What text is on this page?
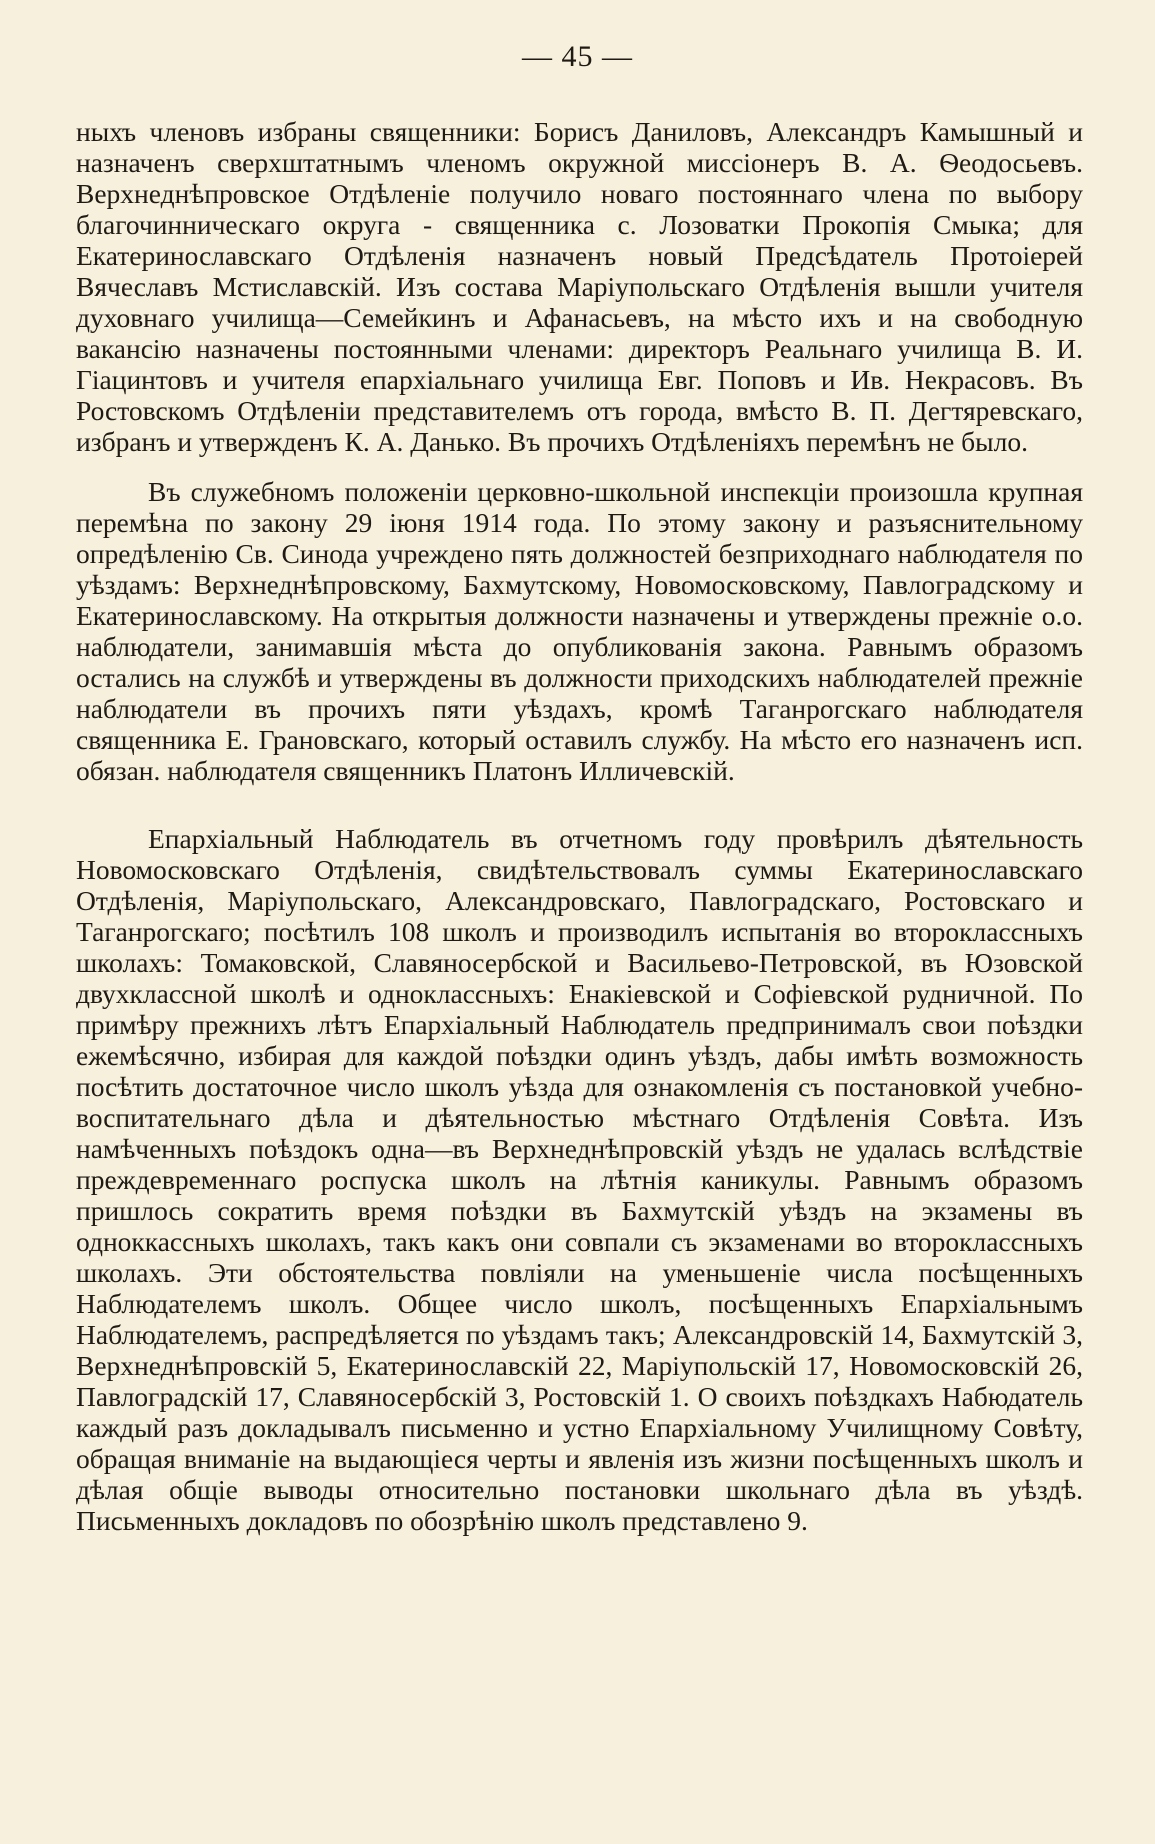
— 45 —

ныхъ членовъ избраны священники: Борисъ Даниловъ, Александръ Камышный и назначенъ сверхштатнымъ членомъ окружной миссіонеръ В. А. Ѳеодосьевъ. Верхнеднѣпровское Отдѣленіе получило новаго постояннаго члена по выбору благочинническаго округа - священника с. Лозоватки Прокопія Смыка; для Екатеринославскаго Отдѣленія назначенъ новый Предсѣдатель Протоіерей Вячеславъ Мстиславскій. Изъ состава Маріупольскаго Отдѣленія вышли учителя духовнаго училища—Семейкинъ и Афанасьевъ, на мѣсто ихъ и на свободную вакансію назначены постоянными членами: директоръ Реальнаго училища В. И. Гіацинтовъ и учителя епархіальнаго училища Евг. Поповъ и Ив. Некрасовъ. Въ Ростовскомъ Отдѣленіи представителемъ отъ города, вмѣсто В. П. Дегтяревскаго, избранъ и утвержденъ К. А. Данько. Въ прочихъ Отдѣленіяхъ перемѣнъ не было.

Въ служебномъ положеніи церковно-школьной инспекціи произошла крупная перемѣна по закону 29 іюня 1914 года. По этому закону и разъяснительному опредѣленію Св. Синода учреждено пять должностей безприходнаго наблюдателя по уѣздамъ: Верхнеднѣпровскому, Бахмутскому, Новомосковскому, Павлоградскому и Екатеринославскому. На открытыя должности назначены и утверждены прежніе о.о. наблюдатели, занимавшія мѣста до опубликованія закона. Равнымъ образомъ остались на службѣ и утверждены въ должности приходскихъ наблюдателей прежніе наблюдатели въ прочихъ пяти уѣздахъ, кромѣ Таганрогскаго наблюдателя священника Е. Грановскаго, который оставилъ службу. На мѣсто его назначенъ исп. обязан. наблюдателя священникъ Платонъ Илличевскій.

Епархіальный Наблюдатель въ отчетномъ году провѣрилъ дѣятельность Новомосковскаго Отдѣленія, свидѣтельствовалъ суммы Екатеринославскаго Отдѣленія, Маріупольскаго, Александровскаго, Павлоградскаго, Ростовскаго и Таганрогскаго; посѣтилъ 108 школъ и производилъ испытанія во второклассныхъ школахъ: Томаковской, Славяносербской и Васильево-Петровской, въ Юзовской двухклассной школѣ и одноклассныхъ: Енакіевской и Софіевской рудничной. По примѣру прежнихъ лѣтъ Епархіальный Наблюдатель предпринималъ свои поѣздки ежемѣсячно, избирая для каждой поѣздки одинъ уѣздъ, дабы имѣть возможность посѣтить достаточное число школъ уѣзда для ознакомленія съ постановкой учебно-воспитательнаго дѣла и дѣятельностью мѣстнаго Отдѣленія Совѣта. Изъ намѣченныхъ поѣздокъ одна—въ Верхнеднѣпровскій уѣздъ не удалась вслѣдствіе преждевременнаго роспуска школъ на лѣтнія каникулы. Равнымъ образомъ пришлось сократить время поѣздки въ Бахмутскій уѣздъ на экзамены въ одноккассныхъ школахъ, такъ какъ они совпали съ экзаменами во второклассныхъ школахъ. Эти обстоятельства повліяли на уменьшеніе числа посѣщенныхъ Наблюдателемъ школъ. Общее число школъ, посѣщенныхъ Епархіальнымъ Наблюдателемъ, распредѣляется по уѣздамъ такъ; Александровскій 14, Бахмутскій 3, Верхнеднѣпровскій 5, Екатеринославскій 22, Маріупольскій 17, Новомосковскій 26, Павлоградскій 17, Славяносербскій 3, Ростовскій 1. О своихъ поѣздкахъ Набюдатель каждый разъ докладывалъ письменно и устно Епархіальному Училищному Совѣту, обращая вниманіе на выдающіеся черты и явленія изъ жизни посѣщенныхъ школъ и дѣлая общіе выводы относительно постановки школьнаго дѣла въ уѣздѣ. Письменныхъ докладовъ по обозрѣнію школъ представлено 9.
